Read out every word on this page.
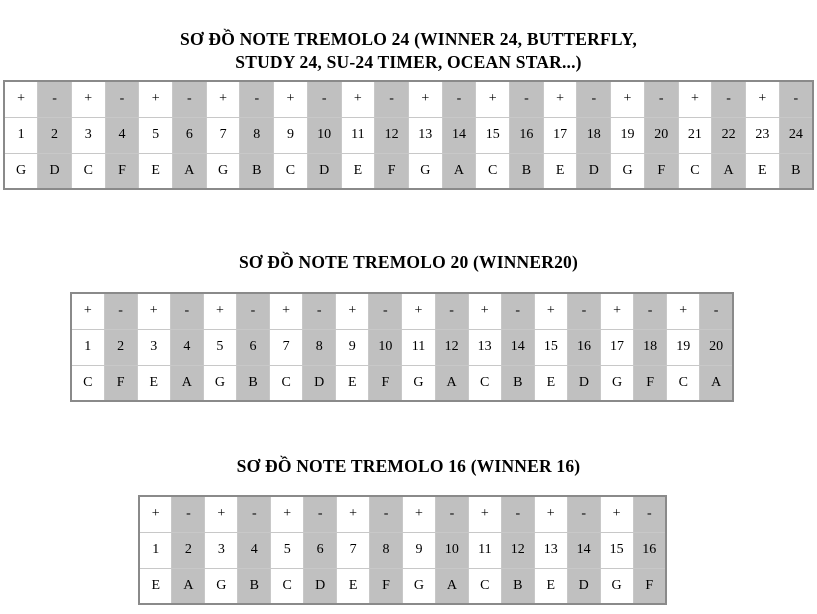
SƠ ĐỒ NOTE TREMOLO 24 (WINNER 24, BUTTERFLY,
STUDY 24, SU-24 TIMER, OCEAN STAR...)
+	-	+	-	+	-	+	-	+	-	+	-	+	-	+	-	+	-	+	-	+	-	+	-
1	2	3	4	5	6	7	8	9	10	11	12	13	14	15	16	17	18	19	20	21	22	23	24
G	D	C	F	E	A	G	B	C	D	E	F	G	A	C	B	E	D	G	F	C	A	E	B
SƠ ĐỒ NOTE TREMOLO 20 (WINNER20)
+	-	+	-	+	-	+	-	+	-	+	-	+	-	+	-	+	-	+	-
1	2	3	4	5	6	7	8	9	10	11	12	13	14	15	16	17	18	19	20
C	F	E	A	G	B	C	D	E	F	G	A	C	B	E	D	G	F	C	A
SƠ ĐỒ NOTE TREMOLO 16 (WINNER 16)
+	-	+	-	+	-	+	-	+	-	+	-	+	-	+	-
1	2	3	4	5	6	7	8	9	10	11	12	13	14	15	16
E	A	G	B	C	D	E	F	G	A	C	B	E	D	G	F
